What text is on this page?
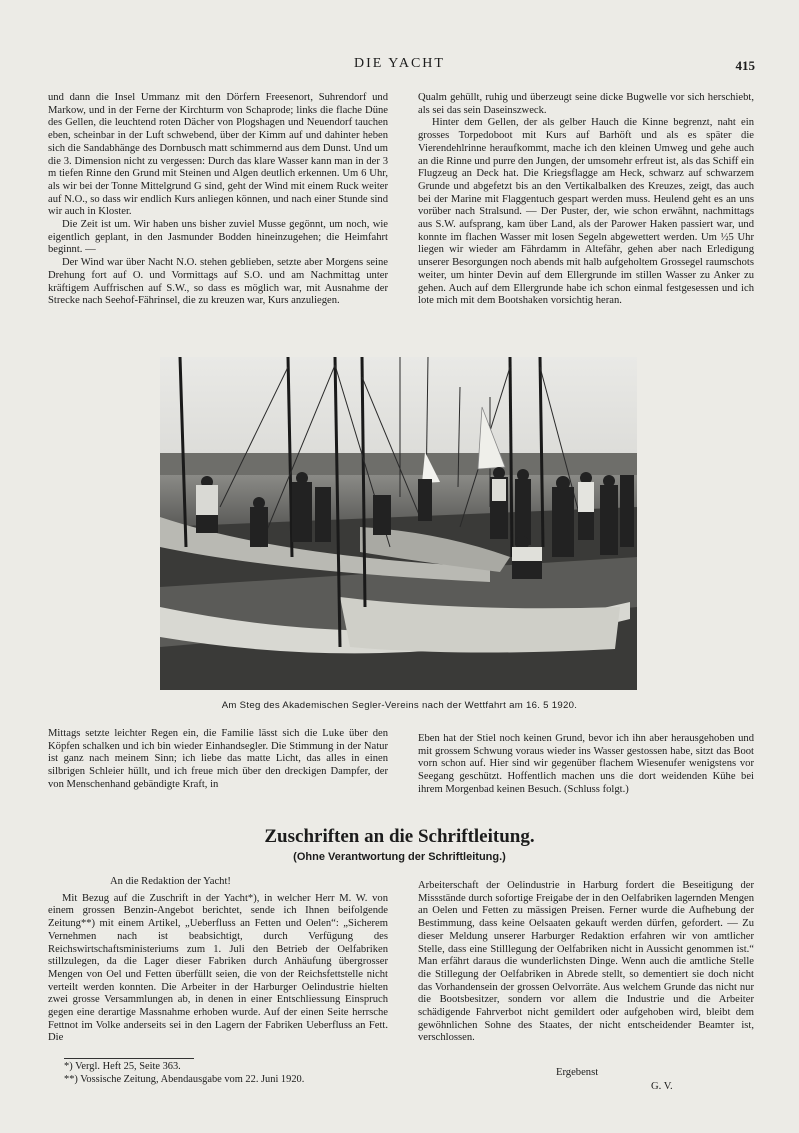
DIE YACHT	415

und dann die Insel Ummanz mit den Dörfern Freesenort, Suhrendorf und Markow, und in der Ferne der Kirchturm von Schaprode; links die flache Düne des Gellen, die leuchtend roten Dächer von Plogshagen und Neuendorf tauchen eben, scheinbar in der Luft schwebend, über der Kimm auf und dahinter heben sich die Sandabhänge des Dornbusch matt schimmernd aus dem Dunst. Und um die 3. Dimension nicht zu vergessen: Durch das klare Wasser kann man in der 3 m tiefen Rinne den Grund mit Steinen und Algen deutlich erkennen. Um 6 Uhr, als wir bei der Tonne Mittelgrund G sind, geht der Wind mit einem Ruck weiter auf N.O., so dass wir endlich Kurs anliegen können, und nach einer Stunde sind wir auch in Kloster.

Die Zeit ist um. Wir haben uns bisher zuviel Musse gegönnt, um noch, wie eigentlich geplant, in den Jasmunder Bodden hineinzugehen; die Heimfahrt beginnt. —

Der Wind war über Nacht N.O. stehen geblieben, setzte aber Morgens seine Drehung fort auf O. und Vormittags auf S.O. und am Nachmittag unter kräftigem Auffrischen auf S.W., so dass es möglich war, mit Ausnahme der Strecke nach Seehof-Fährinsel, die zu kreuzen war, Kurs anzuliegen.

Qualm gehüllt, ruhig und überzeugt seine dicke Bugwelle vor sich herschiebt, als sei das sein Daseinszweck.

Hinter dem Gellen, der als gelber Hauch die Kinne begrenzt, naht ein grosses Torpedoboot mit Kurs auf Barhöft und als es später die Vierendehlrinne heraufkommt, mache ich den kleinen Umweg und gehe auch an die Rinne und purre den Jungen, der umsomehr erfreut ist, als das Schiff ein Flugzeug an Deck hat. Die Kriegsflagge am Heck, schwarz auf schwarzem Grunde und abgefetzt bis an den Vertikalbalken des Kreuzes, zeigt, das auch bei der Marine mit Flaggentuch gespart werden muss. Heulend geht es an uns vorüber nach Stralsund. — Der Puster, der, wie schon erwähnt, nachmittags aus S.W. aufsprang, kam über Land, als der Parower Haken passiert war, und konnte im flachen Wasser mit losen Segeln abgewettert werden. Um ½5 Uhr liegen wir wieder am Fährdamm in Altefähr, gehen aber nach Erledigung unserer Besorgungen noch abends mit halb aufgeholtem Grossegel raumschots weiter, um hinter Devin auf dem Ellergrunde im stillen Wasser zu Anker zu gehen. Auch auf dem Ellergrunde habe ich schon einmal festgesessen und ich lote mich mit dem Bootshaken vorsichtig heran.

Am Steg des Akademischen Segler-Vereins nach der Wettfahrt am 16. 5 1920.

Mittags setzte leichter Regen ein, die Familie lässt sich die Luke über den Köpfen schalken und ich bin wieder Einhandsegler. Die Stimmung in der Natur ist ganz nach meinem Sinn; ich liebe das matte Licht, das alles in einen silbrigen Schleier hüllt, und ich freue mich über den dreckigen Dampfer, der von Menschenhand gebändigte Kraft, in

Eben hat der Stiel noch keinen Grund, bevor ich ihn aber herausgehoben und mit grossem Schwung voraus wieder ins Wasser gestossen habe, sitzt das Boot vorn schon auf. Hier sind wir gegenüber flachem Wiesenufer wenigstens vor Seegang geschützt. Hoffentlich machen uns die dort weidenden Kühe bei ihrem Morgenbad keinen Besuch. (Schluss folgt.)

Zuschriften an die Schriftleitung.
(Ohne Verantwortung der Schriftleitung.)

An die Redaktion der Yacht!

Mit Bezug auf die Zuschrift in der Yacht*), in welcher Herr M. W. von einem grossen Benzin-Angebot berichtet, sende ich Ihnen beifolgende Zeitung**) mit einem Artikel, „Ueberfluss an Fetten und Oelen“: „Sicherem Vernehmen nach ist beabsichtigt, durch Verfügung des Reichswirtschaftsministeriums zum 1. Juli den Betrieb der Oelfabriken stillzulegen, da die Lager dieser Fabriken durch Anhäufung übergrosser Mengen von Oel und Fetten überfüllt seien, die von der Reichsfettstelle nicht verteilt werden konnten. Die Arbeiter in der Harburger Oelindustrie hielten zwei grosse Versammlungen ab, in denen in einer Entschliessung Einspruch gegen eine derartige Massnahme erhoben wurde. Auf der einen Seite herrsche Fettnot im Volke anderseits sei in den Lagern der Fabriken Ueberfluss an Fett. Die

Arbeiterschaft der Oelindustrie in Harburg fordert die Beseitigung der Missstände durch sofortige Freigabe der in den Oelfabriken lagernden Mengen an Oelen und Fetten zu mässigen Preisen. Ferner wurde die Aufhebung der Bestimmung, dass keine Oelsaaten gekauft werden dürfen, gefordert. — Zu dieser Meldung unserer Harburger Redaktion erfahren wir von amtlicher Stelle, dass eine Stilllegung der Oelfabriken nicht in Aussicht genommen ist.“ Man erfährt daraus die wunderlichsten Dinge. Wenn auch die amtliche Stelle die Stillegung der Oelfabriken in Abrede stellt, so dementiert sie doch nicht das Vorhandensein der grossen Oelvorräte. Aus welchem Grunde das nicht nur die Bootsbesitzer, sondern vor allem die Industrie und die Arbeiter schädigende Fahrverbot nicht gemildert oder aufgehoben wird, bleibt dem gewöhnlichen Sohne des Staates, der nicht entscheidender Beamter ist, verschlossen.

*) Vergl. Heft 25, Seite 363.
**) Vossische Zeitung, Abendausgabe vom 22. Juni 1920.
Ergebenst
G. V.
